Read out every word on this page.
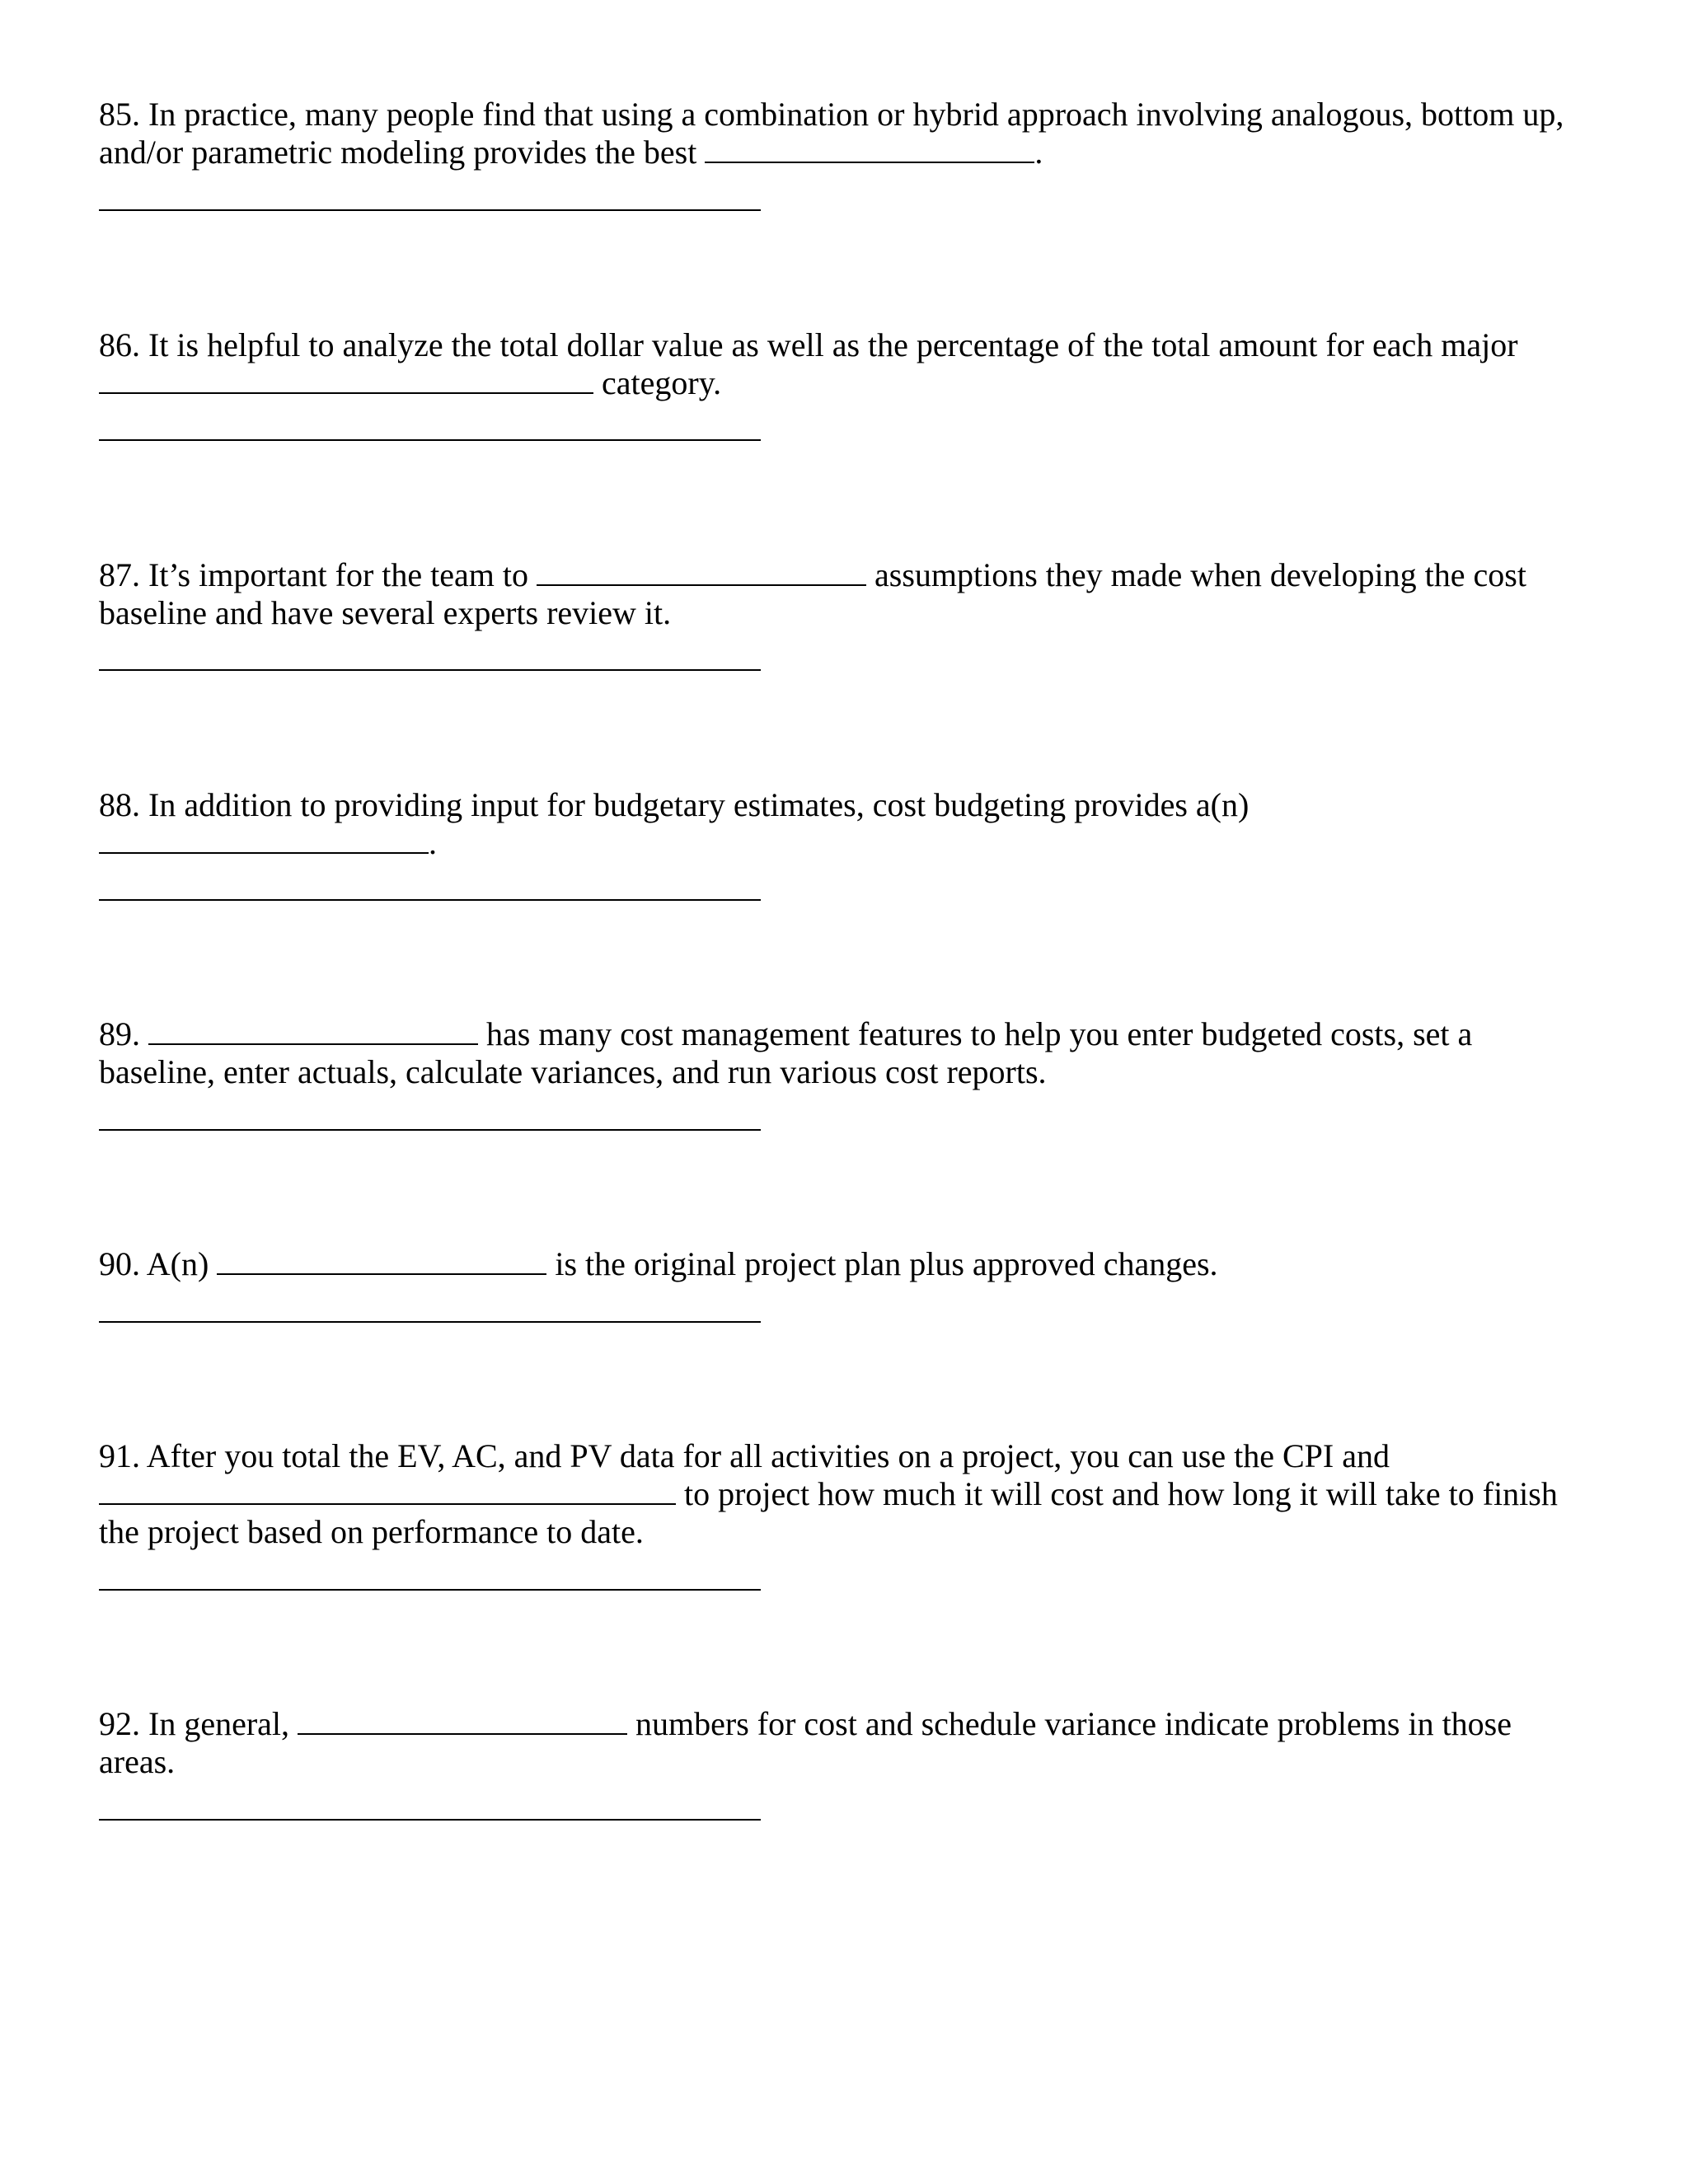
85. In practice, many people find that using a combination or hybrid approach involving analogous, bottom up, and/or parametric modeling provides the best	.

86. It is helpful to analyze the total dollar value as well as the percentage of the total amount for each major  category.

87. It’s important for the team to	assumptions they made when developing the cost baseline and have several experts review it.

88. In addition to providing input for budgetary estimates, cost budgeting provides a(n) .

89.	has many cost management features to help you enter budgeted costs, set a baseline, enter actuals, calculate variances, and run various cost reports.

90. A(n)	is the original project plan plus approved changes.

91. After you total the EV, AC, and PV data for all activities on a project, you can use the CPI and  to project how much it will cost and how long it will take to finish the project based on performance to date.

92. In general,	numbers for cost and schedule variance indicate problems in those areas.
